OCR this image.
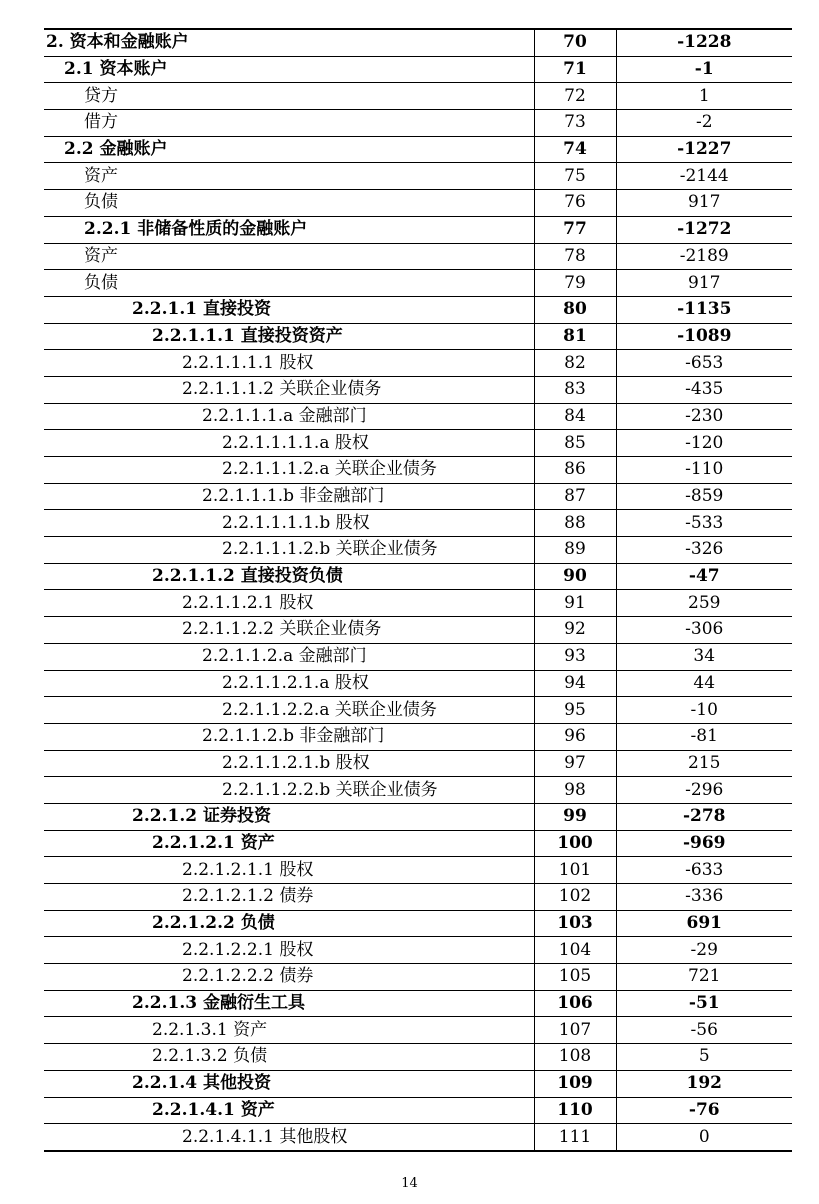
2. 资本和金融账户	70	-1228
2.1 资本账户	71	-1
贷方	72	1
借方	73	-2
2.2 金融账户	74	-1227
资产	75	-2144
负债	76	917
2.2.1 非储备性质的金融账户	77	-1272
资产	78	-2189
负债	79	917
2.2.1.1 直接投资	80	-1135
2.2.1.1.1 直接投资资产	81	-1089
2.2.1.1.1.1 股权	82	-653
2.2.1.1.1.2 关联企业债务	83	-435
2.2.1.1.1.a 金融部门	84	-230
2.2.1.1.1.1.a 股权	85	-120
2.2.1.1.1.2.a 关联企业债务	86	-110
2.2.1.1.1.b 非金融部门	87	-859
2.2.1.1.1.1.b 股权	88	-533
2.2.1.1.1.2.b 关联企业债务	89	-326
2.2.1.1.2 直接投资负债	90	-47
2.2.1.1.2.1 股权	91	259
2.2.1.1.2.2 关联企业债务	92	-306
2.2.1.1.2.a 金融部门	93	34
2.2.1.1.2.1.a 股权	94	44
2.2.1.1.2.2.a 关联企业债务	95	-10
2.2.1.1.2.b 非金融部门	96	-81
2.2.1.1.2.1.b 股权	97	215
2.2.1.1.2.2.b 关联企业债务	98	-296
2.2.1.2 证券投资	99	-278
2.2.1.2.1 资产	100	-969
2.2.1.2.1.1 股权	101	-633
2.2.1.2.1.2 债券	102	-336
2.2.1.2.2 负债	103	691
2.2.1.2.2.1 股权	104	-29
2.2.1.2.2.2 债券	105	721
2.2.1.3 金融衍生工具	106	-51
2.2.1.3.1 资产	107	-56
2.2.1.3.2 负债	108	5
2.2.1.4 其他投资	109	192
2.2.1.4.1 资产	110	-76
2.2.1.4.1.1 其他股权	111	0
14
